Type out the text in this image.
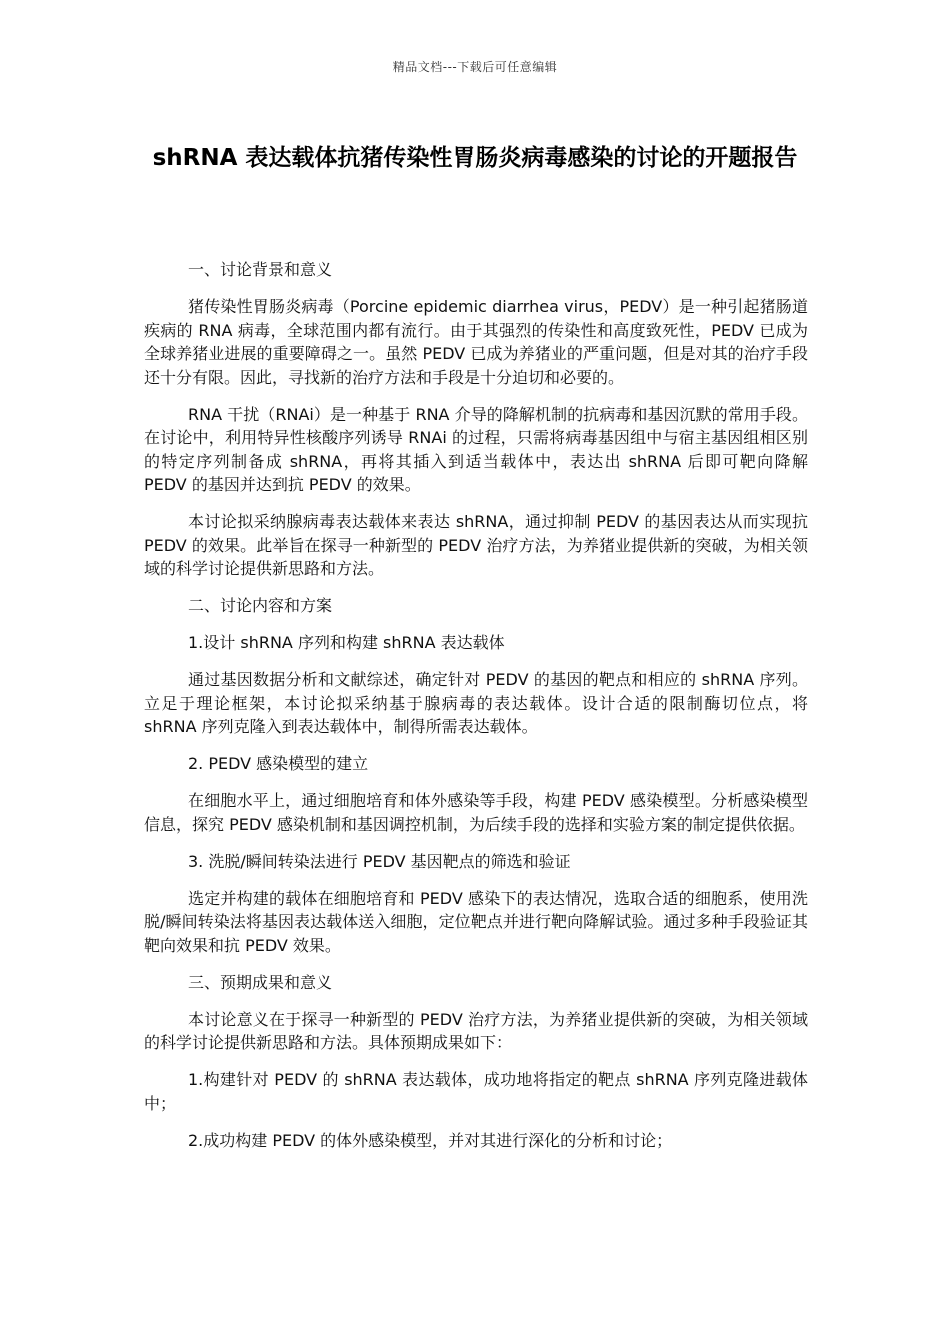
精品文档---下载后可任意编辑
shRNA 表达载体抗猪传染性胃肠炎病毒感染的讨论的开题报告

一、讨论背景和意义

猪传染性胃肠炎病毒（Porcine epidemic diarrhea virus，PEDV）是一种引起猪肠道疾病的 RNA 病毒，全球范围内都有流行。由于其强烈的传染性和高度致死性，PEDV 已成为全球养猪业进展的重要障碍之一。虽然 PEDV 已成为养猪业的严重问题，但是对其的治疗手段还十分有限。因此，寻找新的治疗方法和手段是十分迫切和必要的。

RNA 干扰（RNAi）是一种基于 RNA 介导的降解机制的抗病毒和基因沉默的常用手段。在讨论中，利用特异性核酸序列诱导 RNAi 的过程，只需将病毒基因组中与宿主基因组相区别的特定序列制备成 shRNA，再将其插入到适当载体中，表达出 shRNA 后即可靶向降解 PEDV 的基因并达到抗 PEDV 的效果。

本讨论拟采纳腺病毒表达载体来表达 shRNA，通过抑制 PEDV 的基因表达从而实现抗 PEDV 的效果。此举旨在探寻一种新型的 PEDV 治疗方法，为养猪业提供新的突破，为相关领域的科学讨论提供新思路和方法。

二、讨论内容和方案

1.设计 shRNA 序列和构建 shRNA 表达载体

通过基因数据分析和文献综述，确定针对 PEDV 的基因的靶点和相应的 shRNA 序列。立足于理论框架，本讨论拟采纳基于腺病毒的表达载体。设计合适的限制酶切位点，将 shRNA 序列克隆入到表达载体中，制得所需表达载体。

2. PEDV 感染模型的建立

在细胞水平上，通过细胞培育和体外感染等手段，构建 PEDV 感染模型。分析感染模型信息，探究 PEDV 感染机制和基因调控机制，为后续手段的选择和实验方案的制定提供依据。

3. 洗脱/瞬间转染法进行 PEDV 基因靶点的筛选和验证

选定并构建的载体在细胞培育和 PEDV 感染下的表达情况，选取合适的细胞系，使用洗脱/瞬间转染法将基因表达载体送入细胞，定位靶点并进行靶向降解试验。通过多种手段验证其靶向效果和抗 PEDV 效果。

三、预期成果和意义

本讨论意义在于探寻一种新型的 PEDV 治疗方法，为养猪业提供新的突破，为相关领域的科学讨论提供新思路和方法。具体预期成果如下：

1.构建针对 PEDV 的 shRNA 表达载体，成功地将指定的靶点 shRNA 序列克隆进载体中；

2.成功构建 PEDV 的体外感染模型，并对其进行深化的分析和讨论；
